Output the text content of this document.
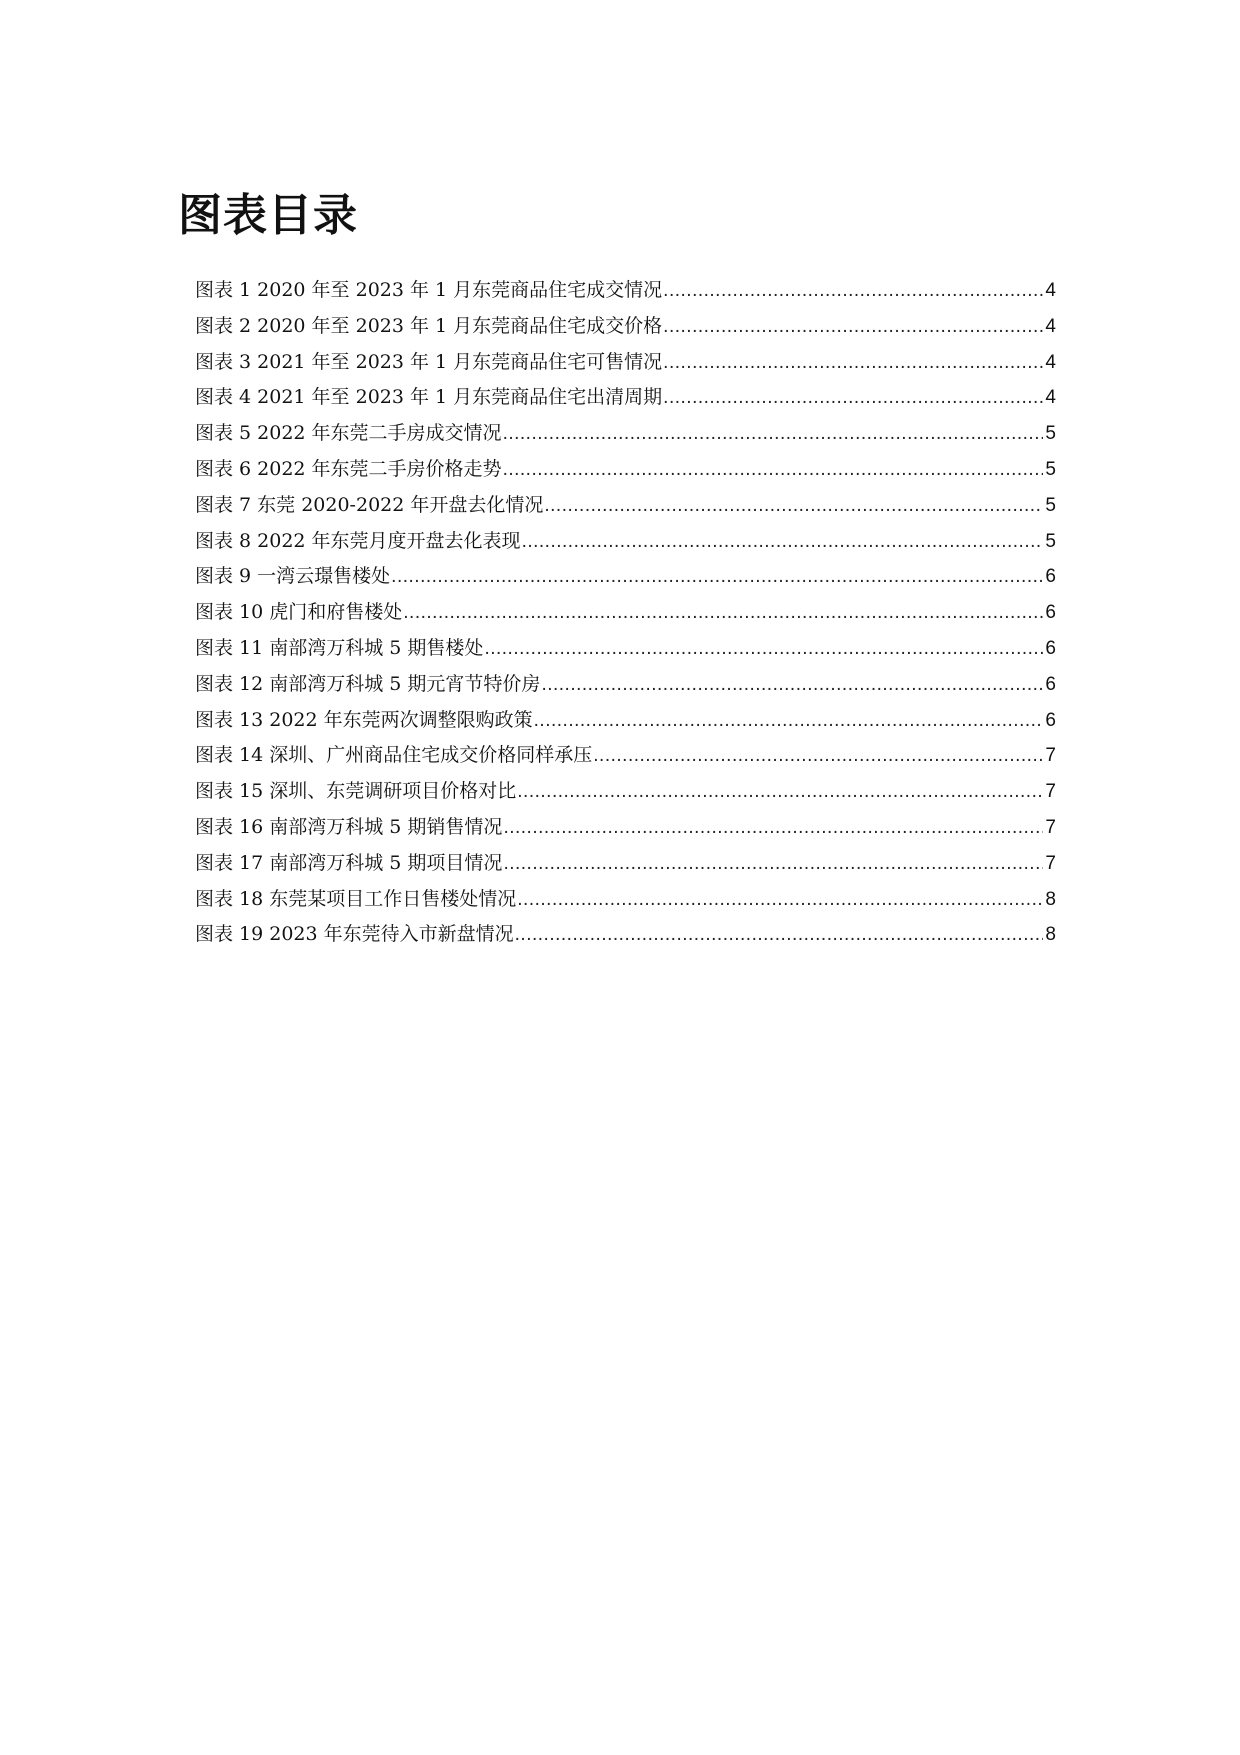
图表目录
图表 1 2020 年至 2023 年 1 月东莞商品住宅成交情况 .....	4
图表 2 2020 年至 2023 年 1 月东莞商品住宅成交价格 .....	4
图表 3 2021 年至 2023 年 1 月东莞商品住宅可售情况 .....	4
图表 4 2021 年至 2023 年 1 月东莞商品住宅出清周期 .....	4
图表 5 2022 年东莞二手房成交情况 .....	5
图表 6 2022 年东莞二手房价格走势 .....	5
图表 7 东莞 2020-2022 年开盘去化情况 .....	5
图表 8 2022 年东莞月度开盘去化表现 .....	5
图表 9 一湾云璟售楼处 .....	6
图表 10 虎门和府售楼处 .....	6
图表 11 南部湾万科城 5 期售楼处 .....	6
图表 12 南部湾万科城 5 期元宵节特价房 .....	6
图表 13 2022 年东莞两次调整限购政策 .....	6
图表 14 深圳、广州商品住宅成交价格同样承压 .....	7
图表 15 深圳、东莞调研项目价格对比 .....	7
图表 16 南部湾万科城 5 期销售情况 .....	7
图表 17 南部湾万科城 5 期项目情况 .....	7
图表 18 东莞某项目工作日售楼处情况 .....	8
图表 19 2023 年东莞待入市新盘情况 .....	8
